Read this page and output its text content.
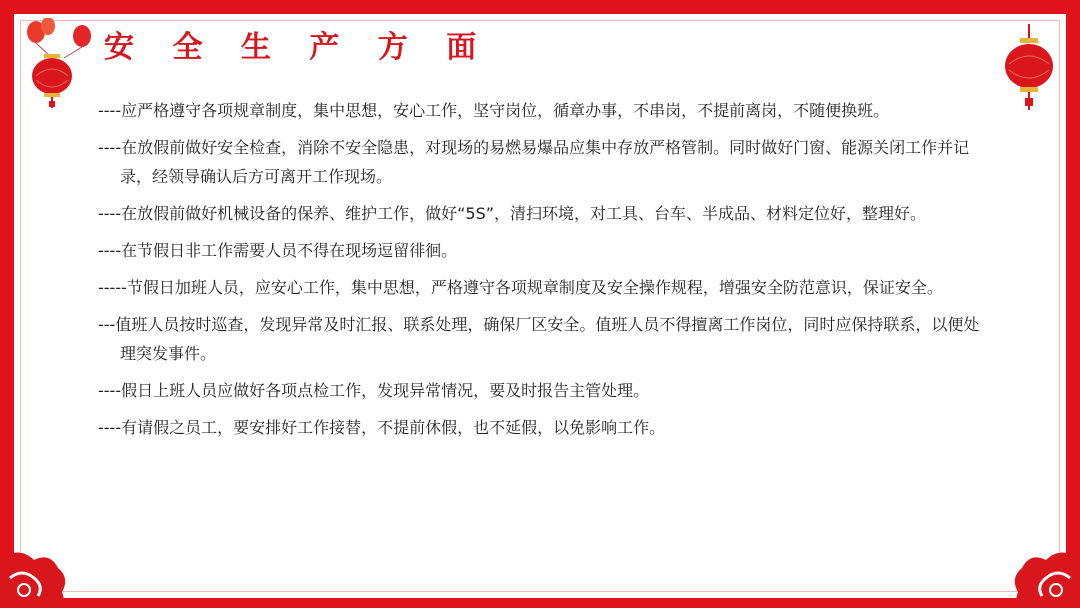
安 全 生 产 方 面
----应严格遵守各项规章制度，集中思想，安心工作，坚守岗位，循章办事，不串岗，不提前离岗，不随便换班。
----在放假前做好安全检查，消除不安全隐患，对现场的易燃易爆品应集中存放严格管制。同时做好门窗、能源关闭工作并记录，经领导确认后方可离开工作现场。
----在放假前做好机械设备的保养、维护工作，做好“5S”，清扫环境，对工具、台车、半成品、材料定位好，整理好。
----在节假日非工作需要人员不得在现场逗留徘徊。
-----节假日加班人员，应安心工作，集中思想，严格遵守各项规章制度及安全操作规程，增强安全防范意识，保证安全。
---值班人员按时巡查，发现异常及时汇报、联系处理，确保厂区安全。值班人员不得擅离工作岗位，同时应保持联系，以便处理突发事件。
----假日上班人员应做好各项点检工作，发现异常情况，要及时报告主管处理。
----有请假之员工，要安排好工作接替，不提前休假，也不延假，以免影响工作。
